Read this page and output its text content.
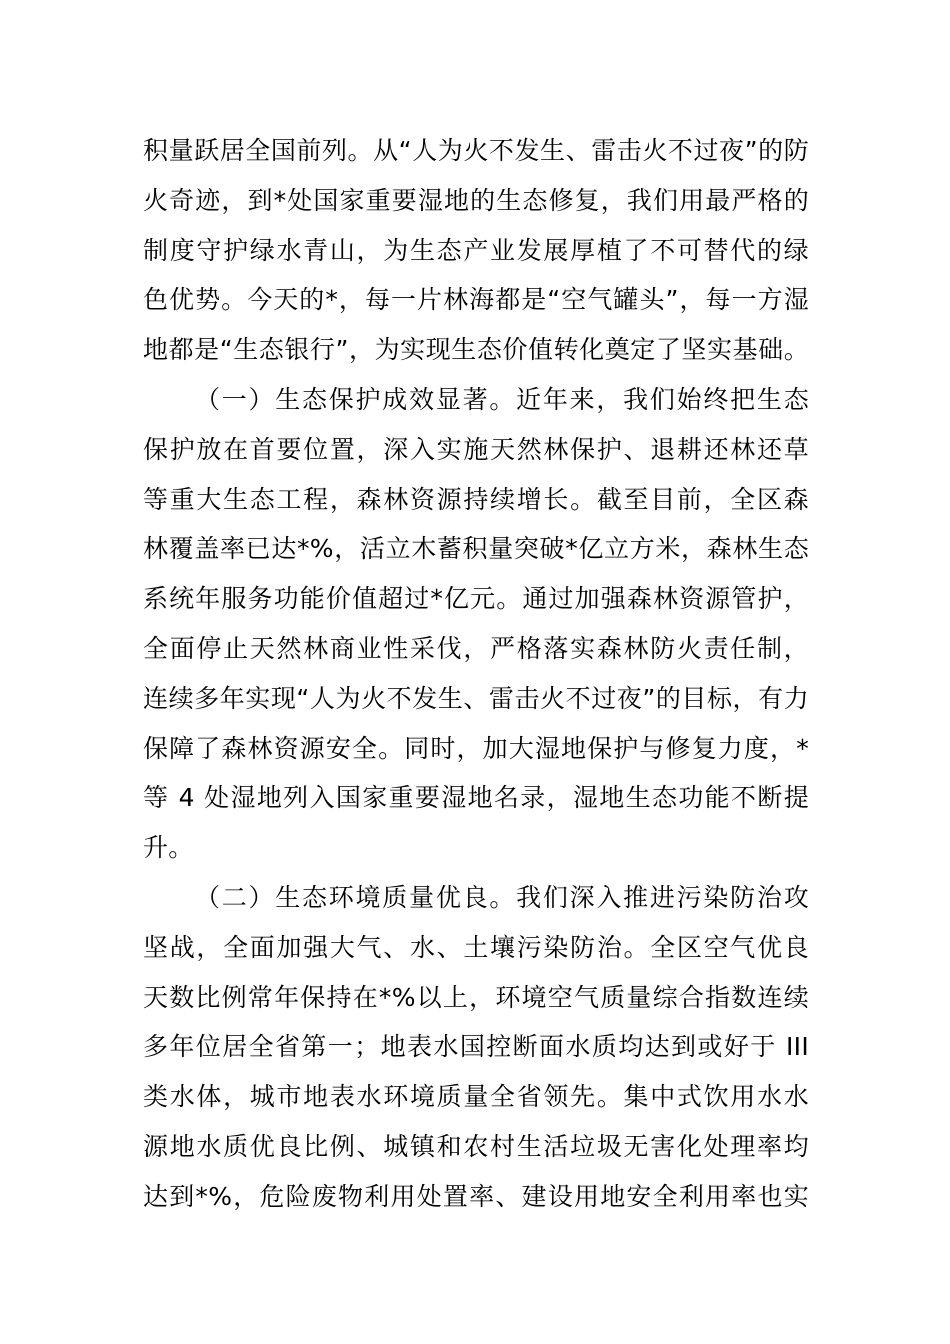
积量跃居全国前列。从“人为火不发生、雷击火不过夜”的防
火奇迹，到*处国家重要湿地的生态修复，我们用最严格的
制度守护绿水青山，为生态产业发展厚植了不可替代的绿
色优势。今天的*，每一片林海都是“空气罐头”，每一方湿
地都是“生态银行”，为实现生态价值转化奠定了坚实基础。
（一）生态保护成效显著。近年来，我们始终把生态
保护放在首要位置，深入实施天然林保护、退耕还林还草
等重大生态工程，森林资源持续增长。截至目前，全区森
林覆盖率已达*%，活立木蓄积量突破*亿立方米，森林生态
系统年服务功能价值超过*亿元。通过加强森林资源管护，
全面停止天然林商业性采伐，严格落实森林防火责任制，
连续多年实现“人为火不发生、雷击火不过夜”的目标，有力
保障了森林资源安全。同时，加大湿地保护与修复力度，*
等 4 处湿地列入国家重要湿地名录，湿地生态功能不断提
升。
（二）生态环境质量优良。我们深入推进污染防治攻
坚战，全面加强大气、水、土壤污染防治。全区空气优良
天数比例常年保持在*%以上，环境空气质量综合指数连续
多年位居全省第一；地表水国控断面水质均达到或好于 III
类水体，城市地表水环境质量全省领先。集中式饮用水水
源地水质优良比例、城镇和农村生活垃圾无害化处理率均
达到*%，危险废物利用处置率、建设用地安全利用率也实
